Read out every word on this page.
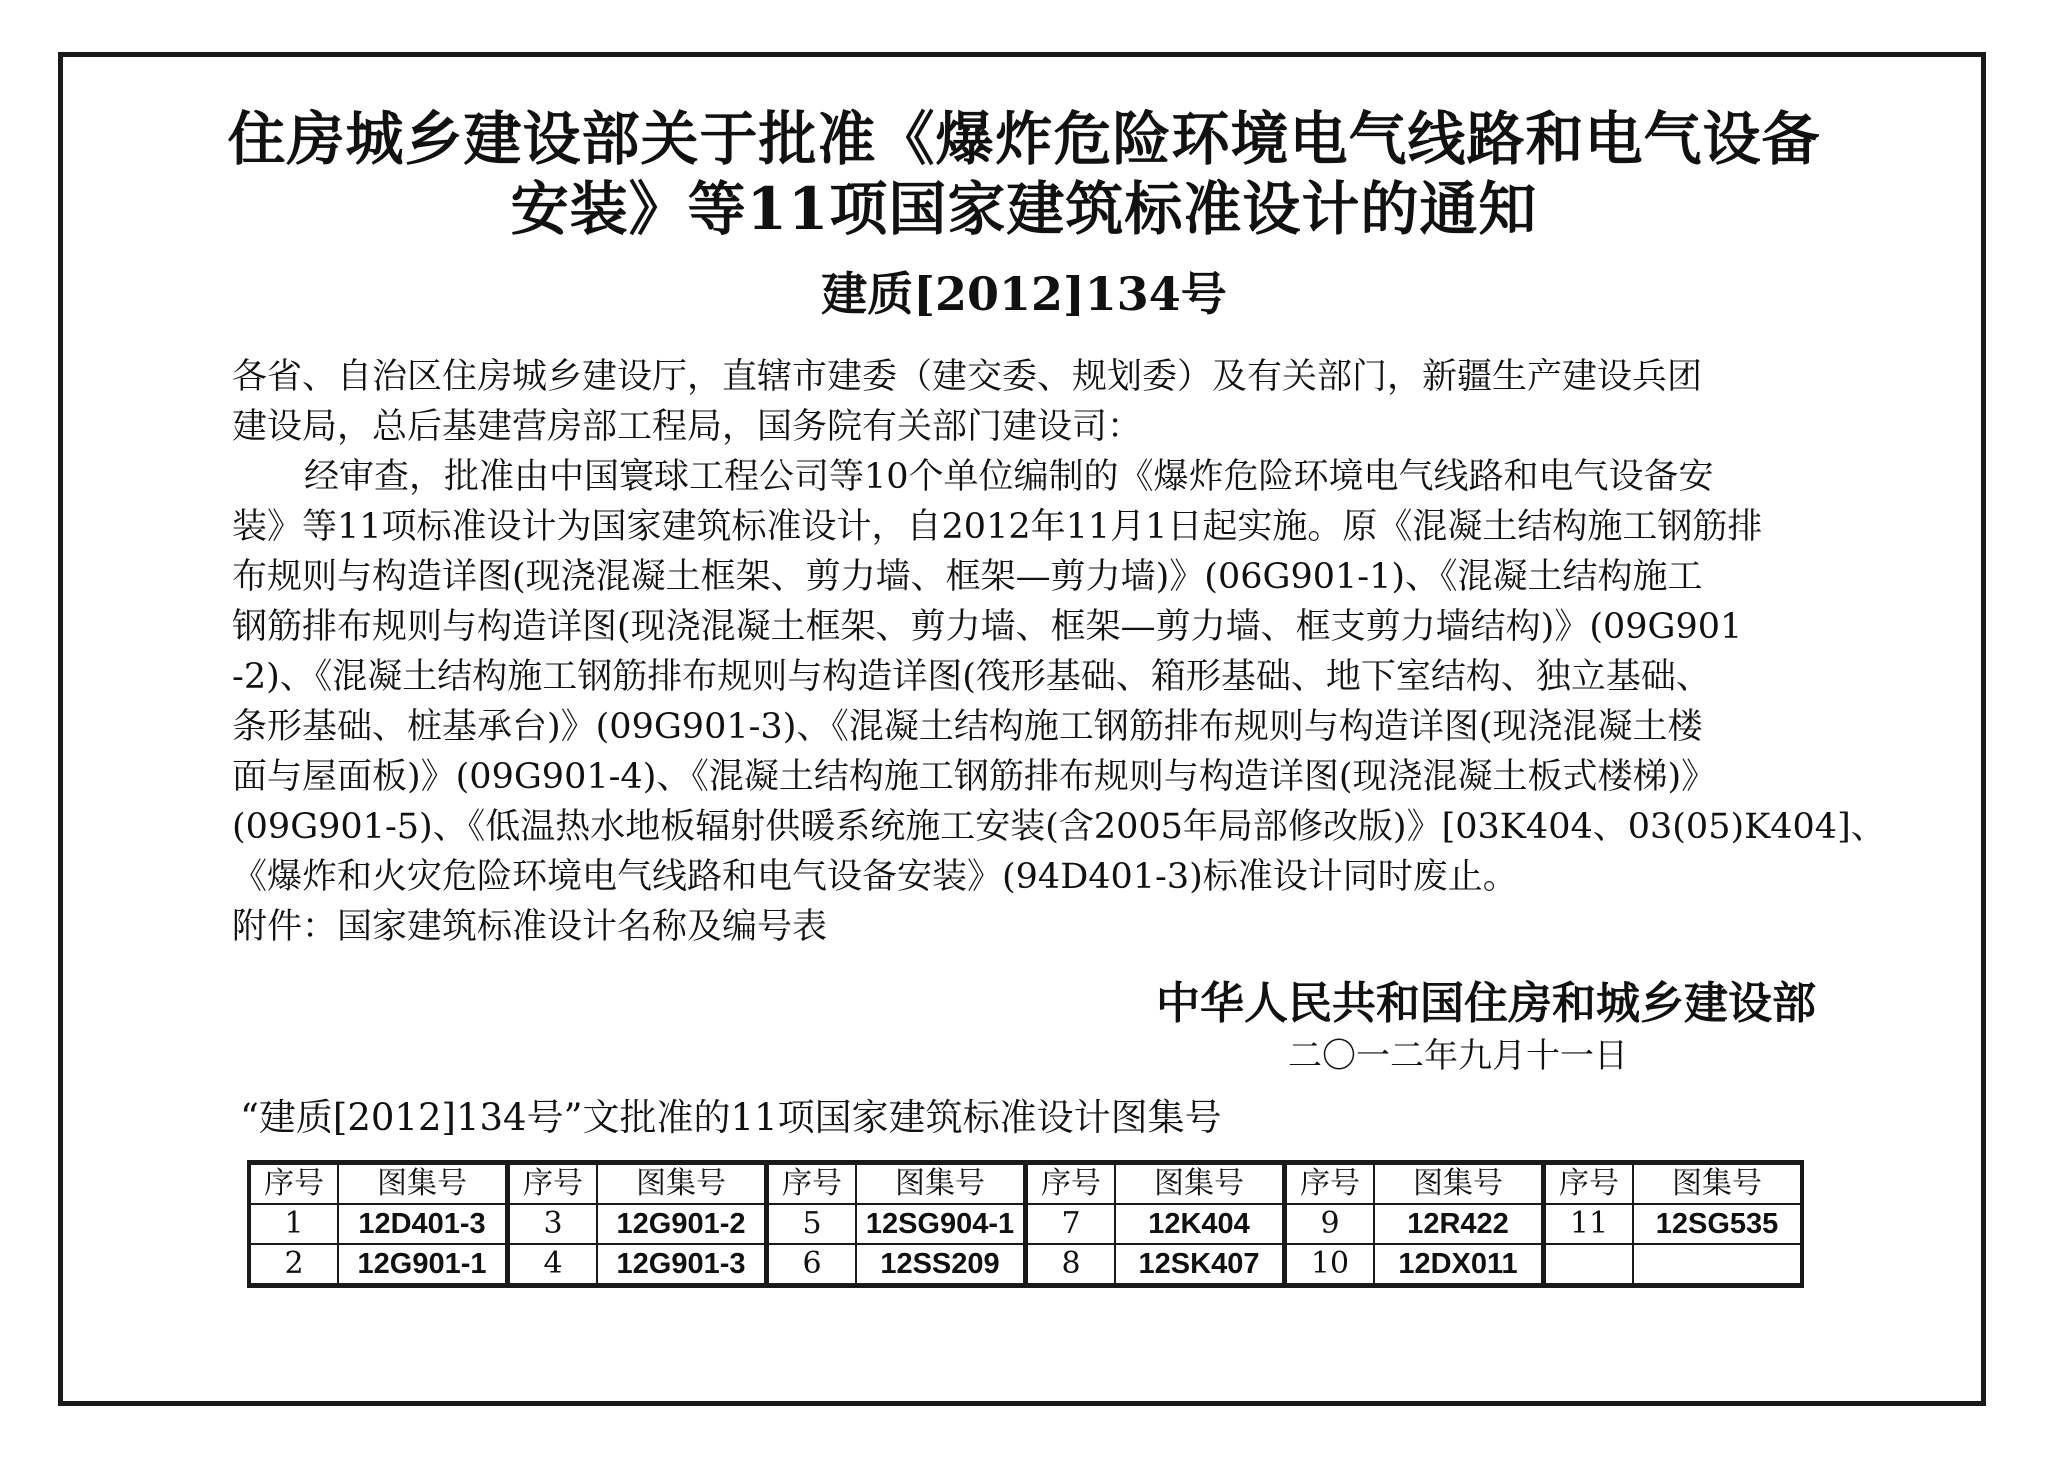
住房城乡建设部关于批准《爆炸危险环境电气线路和电气设备
安装》等11项国家建筑标准设计的通知
建质[2012]134号
各省、自治区住房城乡建设厅，直辖市建委（建交委、规划委）及有关部门，新疆生产建设兵团
建设局，总后基建营房部工程局，国务院有关部门建设司：
经审查，批准由中国寰球工程公司等10个单位编制的《爆炸危险环境电气线路和电气设备安
装》等11项标准设计为国家建筑标准设计，自2012年11月1日起实施。原《混凝土结构施工钢筋排
布规则与构造详图(现浇混凝土框架、剪力墙、框架—剪力墙)》(06G901-1)、《混凝土结构施工
钢筋排布规则与构造详图(现浇混凝土框架、剪力墙、框架—剪力墙、框支剪力墙结构)》(09G901
-2)、《混凝土结构施工钢筋排布规则与构造详图(筏形基础、箱形基础、地下室结构、独立基础、
条形基础、桩基承台)》(09G901-3)、《混凝土结构施工钢筋排布规则与构造详图(现浇混凝土楼
面与屋面板)》(09G901-4)、《混凝土结构施工钢筋排布规则与构造详图(现浇混凝土板式楼梯)》
(09G901-5)、《低温热水地板辐射供暖系统施工安装(含2005年局部修改版)》[03K404、03(05)K404]、
《爆炸和火灾危险环境电气线路和电气设备安装》(94D401-3)标准设计同时废止。
附件：国家建筑标准设计名称及编号表
中华人民共和国住房和城乡建设部
二〇一二年九月十一日
“建质[2012]134号”文批准的11项国家建筑标准设计图集号
序号	图集号	序号	图集号	序号	图集号	序号	图集号	序号	图集号	序号	图集号
1	12D401-3	3	12G901-2	5	12SG904-1	7	12K404	9	12R422	11	12SG535
2	12G901-1	4	12G901-3	6	12SS209	8	12SK407	10	12DX011		
